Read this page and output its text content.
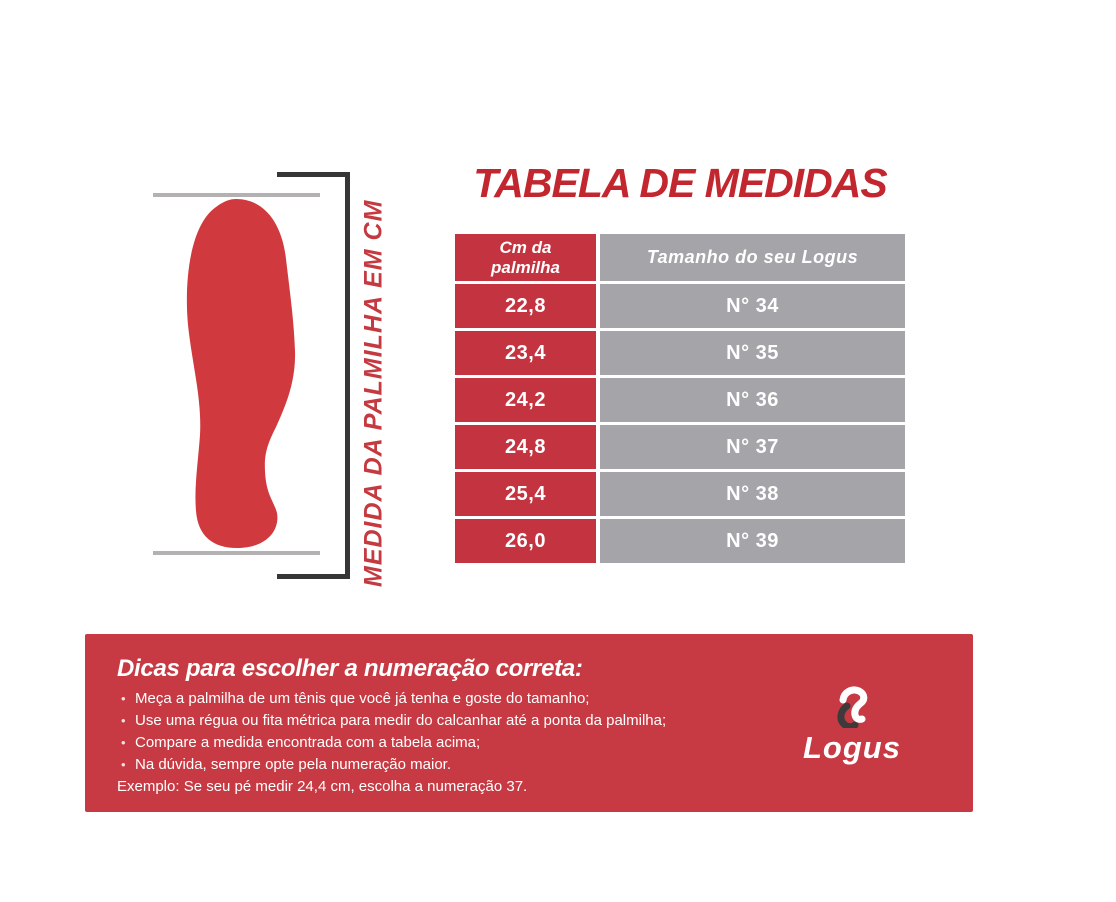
MEDIDA DA PALMILHA EM CM
TABELA DE MEDIDAS
Cm da palmilha	Tamanho do seu Logus
22,8	N° 34
23,4	N° 35
24,2	N° 36
24,8	N° 37
25,4	N° 38
26,0	N° 39
Dicas para escolher a numeração correta:
• Meça a palmilha de um tênis que você já tenha e goste do tamanho;
• Use uma régua ou fita métrica para medir do calcanhar até a ponta da palmilha;
• Compare a medida encontrada com a tabela acima;
• Na dúvida, sempre opte pela numeração maior.
Exemplo: Se seu pé medir 24,4 cm, escolha a numeração 37.
Logus
